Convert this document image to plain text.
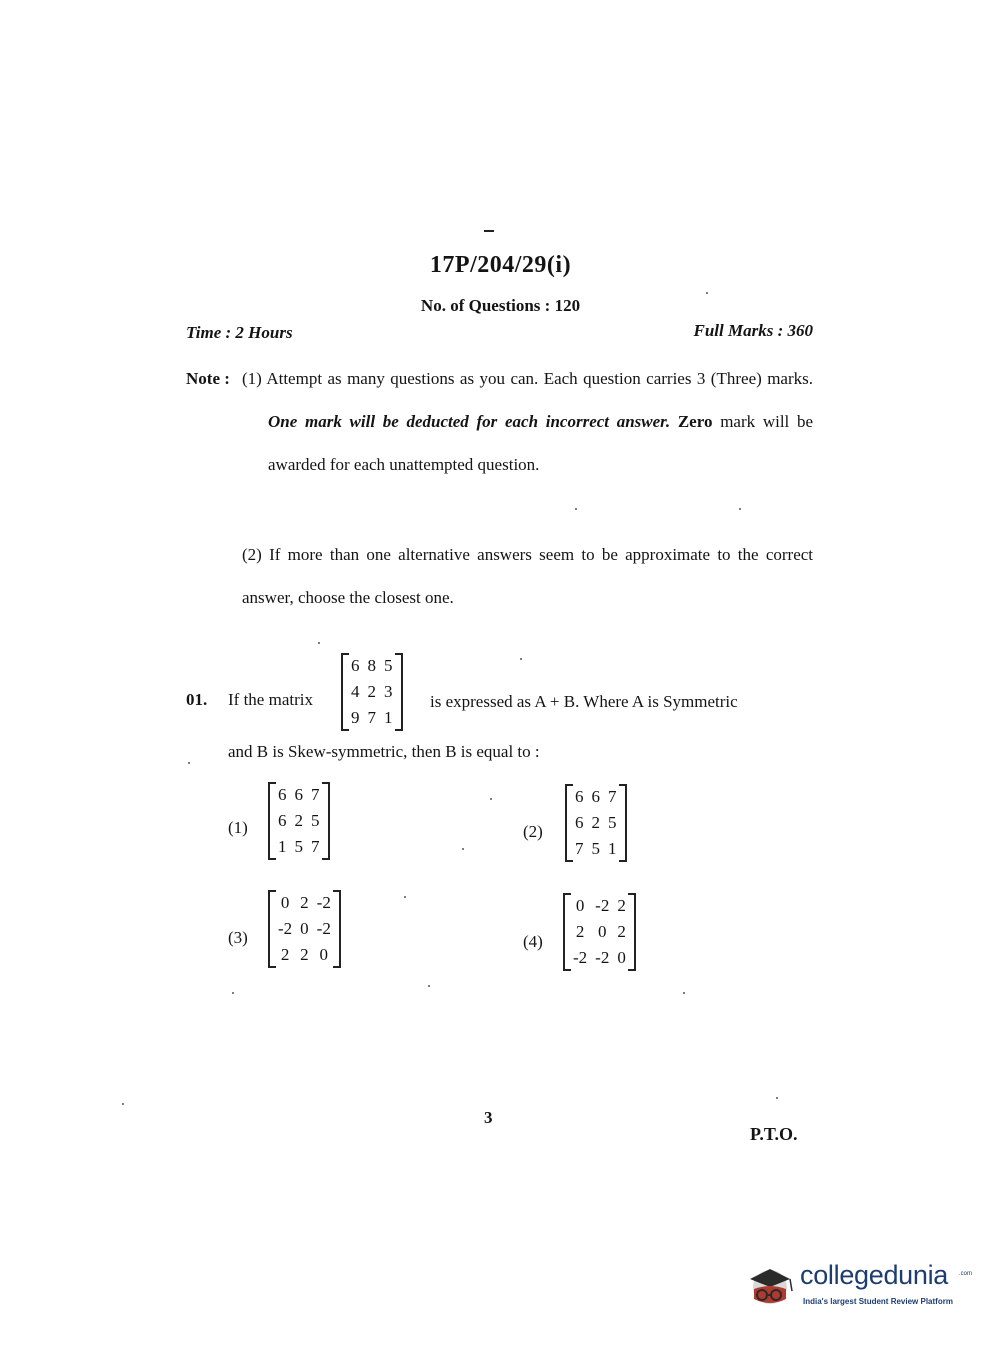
17P/204/29(i)
No. of Questions : 120
Time : 2 Hours	Full Marks : 360
Note : (1) Attempt as many questions as you can. Each question carries 3 (Three) marks. One mark will be deducted for each incorrect answer. Zero mark will be awarded for each unattempted question.
(2) If more than one alternative answers seem to be approximate to the correct answer, choose the closest one.
01. If the matrix
6	8	5
4	2	3
9	7	1
is expressed as A + B. Where A is Symmetric
and B is Skew-symmetric, then B is equal to :
(1)
6	6	7
6	2	5
1	5	7
(2)
6	6	7
6	2	5
7	5	1
(3)
0	2	-2
-2	0	-2
2	2	0
(4)
0	-2	2
2	0	2
-2	-2	0
3
P.T.O.
collegedunia .com
India's largest Student Review Platform
